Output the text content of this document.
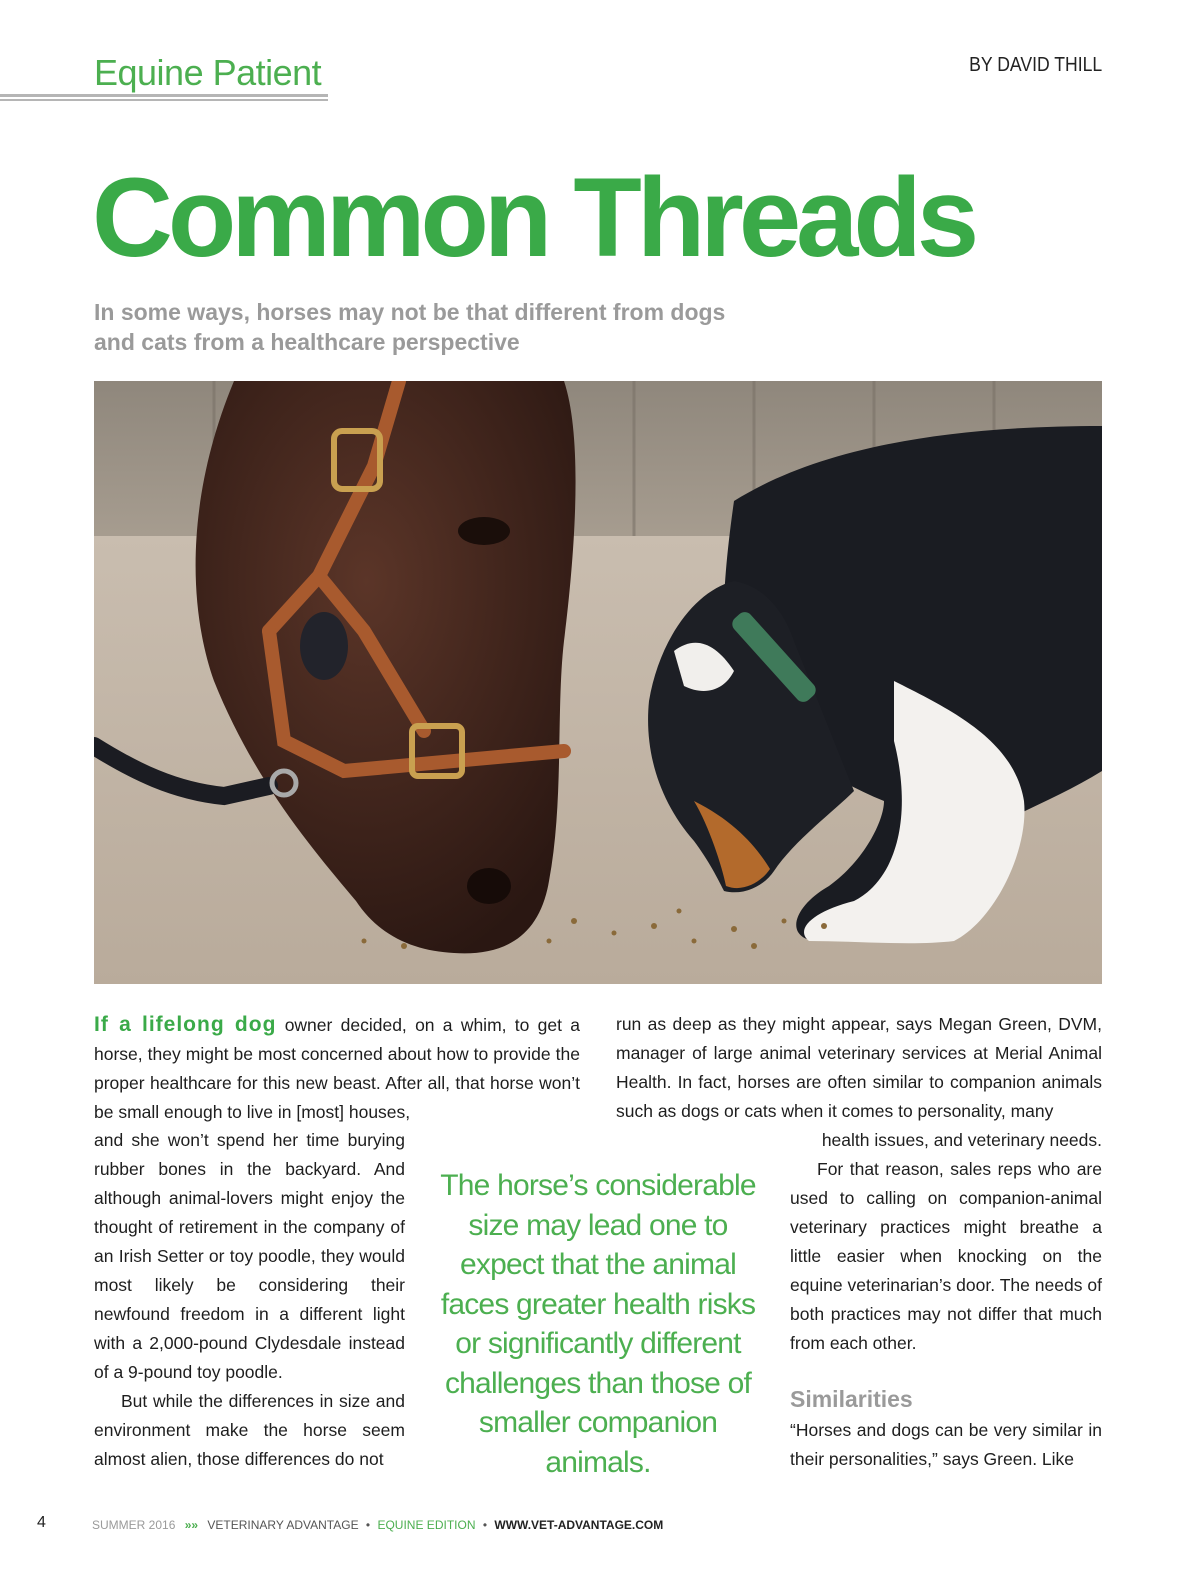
Equine Patient	BY DAVID THILL
Common Threads

In some ways, horses may not be that different from dogs and cats from a healthcare perspective

If a lifelong dog owner decided, on a whim, to get a horse, they might be most concerned about how to provide the proper healthcare for this new beast. After all, that horse won’t be small enough to live in [most] houses,
run as deep as they might appear, says Megan Green, DVM, manager of large animal veterinary services at Merial Animal Health. In fact, horses are often similar to companion animals such as dogs or cats when it comes to personality, many

and she won’t spend her time burying rubber bones in the backyard. And although animal-lovers might enjoy the thought of retirement in the company of an Irish Setter or toy poodle, they would most likely be considering their newfound freedom in a different light with a 2,000-pound Clydesdale instead of a 9-pound toy poodle.

But while the differences in size and environment make the horse seem almost alien, those differences do not

The horse’s considerable size may lead one to expect that the animal faces greater health risks or significantly different challenges than those of smaller companion animals.

health issues, and veterinary needs.

For that reason, sales reps who are used to calling on companion-animal veterinary practices might breathe a little easier when knocking on the equine veterinarian’s door. The needs of both practices may not differ that much from each other.

Similarities

“Horses and dogs can be very similar in their personalities,” says Green. Like

4	SUMMER 2016 »» VETERINARY ADVANTAGE • EQUINE EDITION • WWW.VET-ADVANTAGE.COM
